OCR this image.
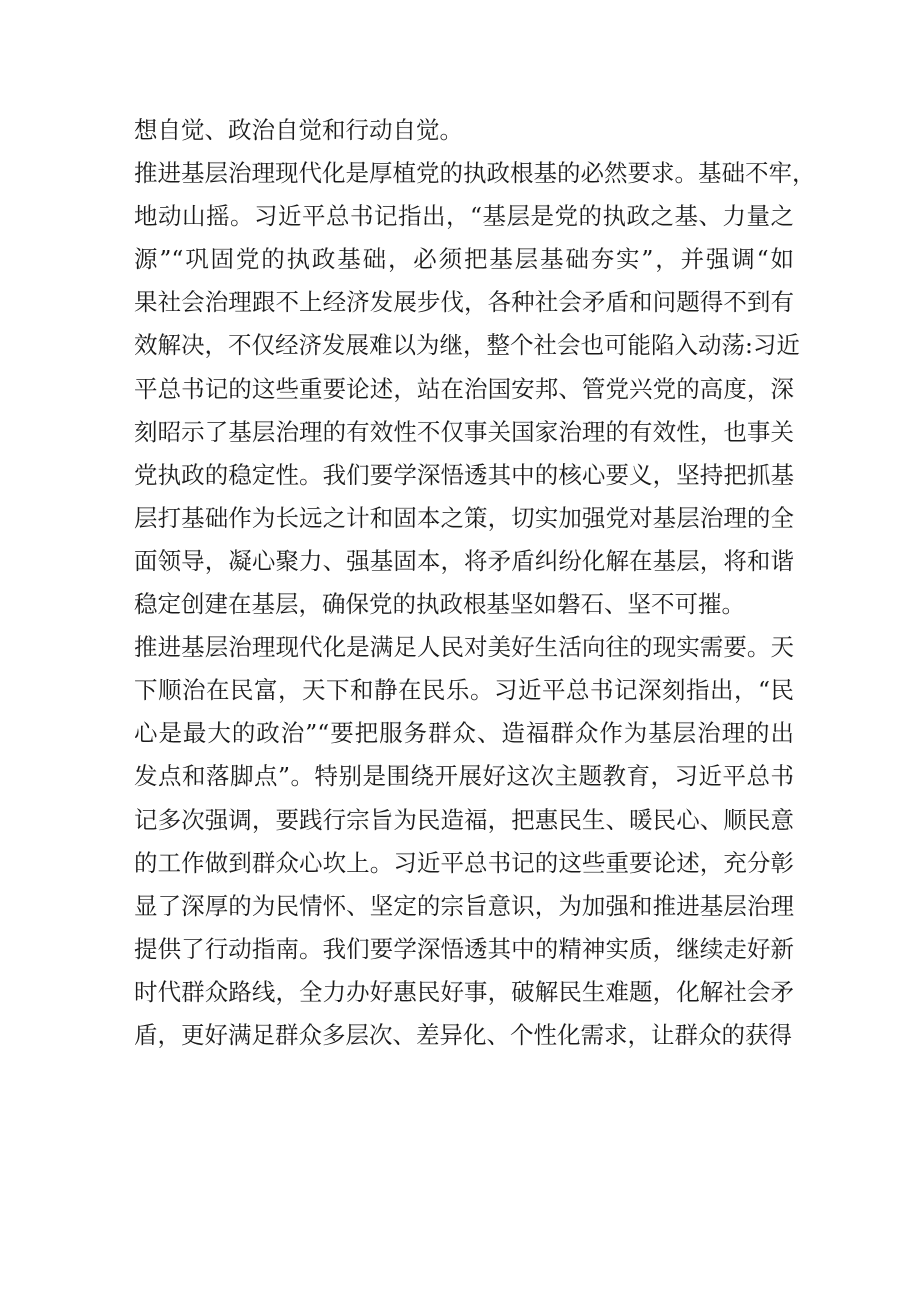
想自觉、政治自觉和行动自觉。
推进基层治理现代化是厚植党的执政根基的必然要求。基础不牢，
地动山摇。习近平总书记指出，“基层是党的执政之基、力量之
源”“巩固党的执政基础，必须把基层基础夯实”，并强调“如
果社会治理跟不上经济发展步伐，各种社会矛盾和问题得不到有
效解决，不仅经济发展难以为继，整个社会也可能陷入动荡:习近
平总书记的这些重要论述，站在治国安邦、管党兴党的高度，深
刻昭示了基层治理的有效性不仅事关国家治理的有效性，也事关
党执政的稳定性。我们要学深悟透其中的核心要义，坚持把抓基
层打基础作为长远之计和固本之策，切实加强党对基层治理的全
面领导，凝心聚力、强基固本，将矛盾纠纷化解在基层，将和谐
稳定创建在基层，确保党的执政根基坚如磐石、坚不可摧。
推进基层治理现代化是满足人民对美好生活向往的现实需要。天
下顺治在民富，天下和静在民乐。习近平总书记深刻指出，“民
心是最大的政治”“要把服务群众、造福群众作为基层治理的出
发点和落脚点”。特别是围绕开展好这次主题教育，习近平总书
记多次强调，要践行宗旨为民造福，把惠民生、暖民心、顺民意
的工作做到群众心坎上。习近平总书记的这些重要论述，充分彰
显了深厚的为民情怀、坚定的宗旨意识，为加强和推进基层治理
提供了行动指南。我们要学深悟透其中的精神实质，继续走好新
时代群众路线，全力办好惠民好事，破解民生难题，化解社会矛
盾，更好满足群众多层次、差异化、个性化需求，让群众的获得
